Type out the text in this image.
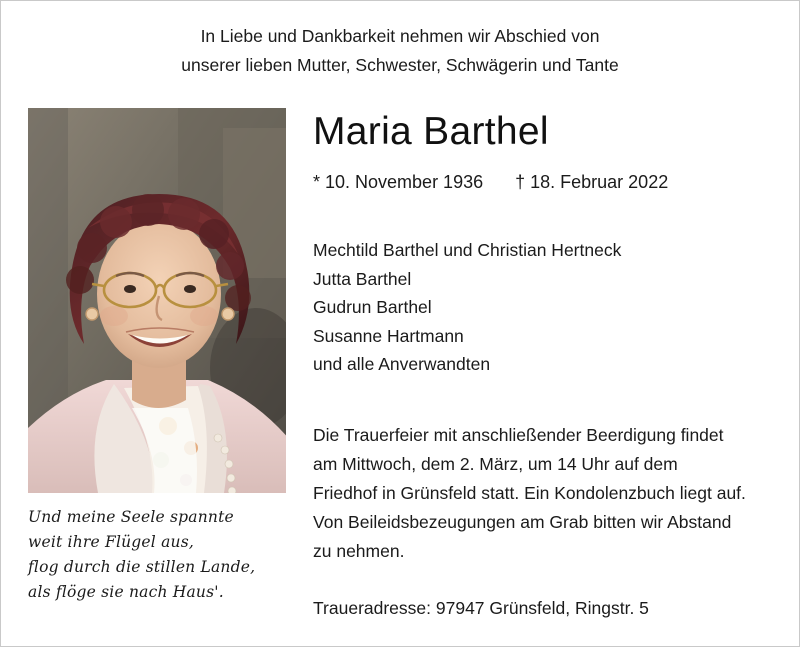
In Liebe und Dankbarkeit nehmen wir Abschied von
unserer lieben Mutter, Schwester, Schwägerin und Tante
Und meine Seele spannte
weit ihre Flügel aus,
flog durch die stillen Lande,
als flöge sie nach Haus'.
Maria Barthel
* 10. November 1936 † 18. Februar 2022
Mechtild Barthel und Christian Hertneck
Jutta Barthel
Gudrun Barthel
Susanne Hartmann
und alle Anverwandten
Die Trauerfeier mit anschließender Beerdigung findet
am Mittwoch, dem 2. März, um 14 Uhr auf dem
Friedhof in Grünsfeld statt. Ein Kondolenzbuch liegt auf.
Von Beileidsbezeugungen am Grab bitten wir Abstand
zu nehmen.
Traueradresse: 97947 Grünsfeld, Ringstr. 5
